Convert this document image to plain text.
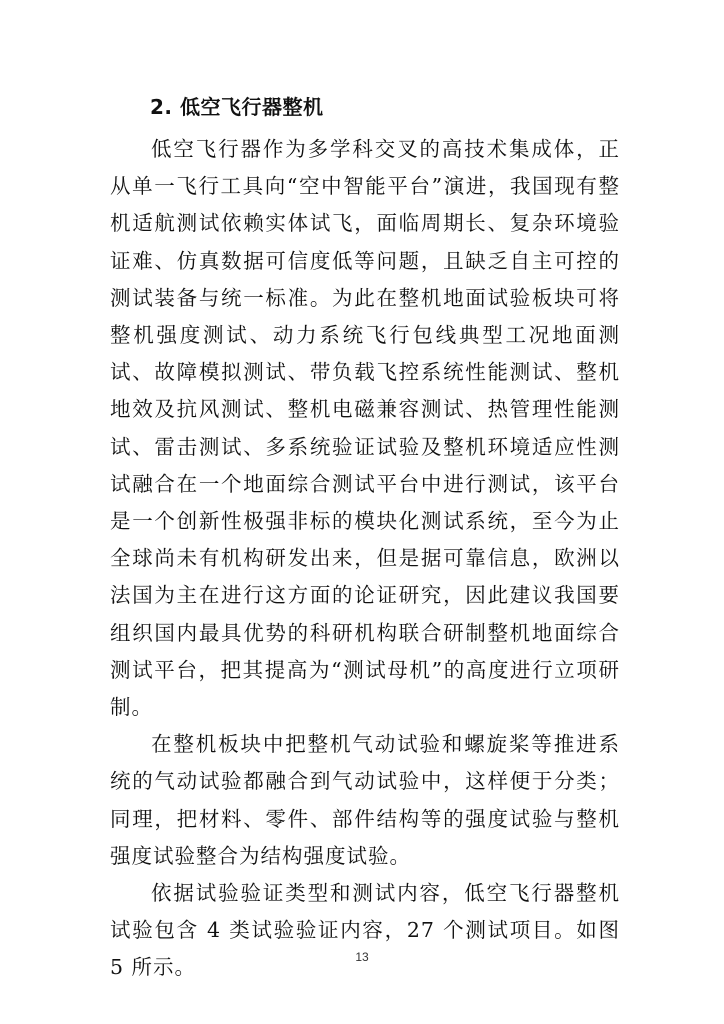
2. 低空飞行器整机

低空飞行器作为多学科交叉的高技术集成体，正从单一飞行工具向“空中智能平台”演进，我国现有整机适航测试依赖实体试飞，面临周期长、复杂环境验证难、仿真数据可信度低等问题，且缺乏自主可控的测试装备与统一标准。为此在整机地面试验板块可将整机强度测试、动力系统飞行包线典型工况地面测试、故障模拟测试、带负载飞控系统性能测试、整机地效及抗风测试、整机电磁兼容测试、热管理性能测试、雷击测试、多系统验证试验及整机环境适应性测试融合在一个地面综合测试平台中进行测试，该平台是一个创新性极强非标的模块化测试系统，至今为止全球尚未有机构研发出来，但是据可靠信息，欧洲以法国为主在进行这方面的论证研究，因此建议我国要组织国内最具优势的科研机构联合研制整机地面综合测试平台，把其提高为“测试母机”的高度进行立项研制。

在整机板块中把整机气动试验和螺旋桨等推进系统的气动试验都融合到气动试验中，这样便于分类；同理，把材料、零件、部件结构等的强度试验与整机强度试验整合为结构强度试验。

依据试验验证类型和测试内容，低空飞行器整机试验包含 4 类试验验证内容，27 个测试项目。如图 5 所示。	13
